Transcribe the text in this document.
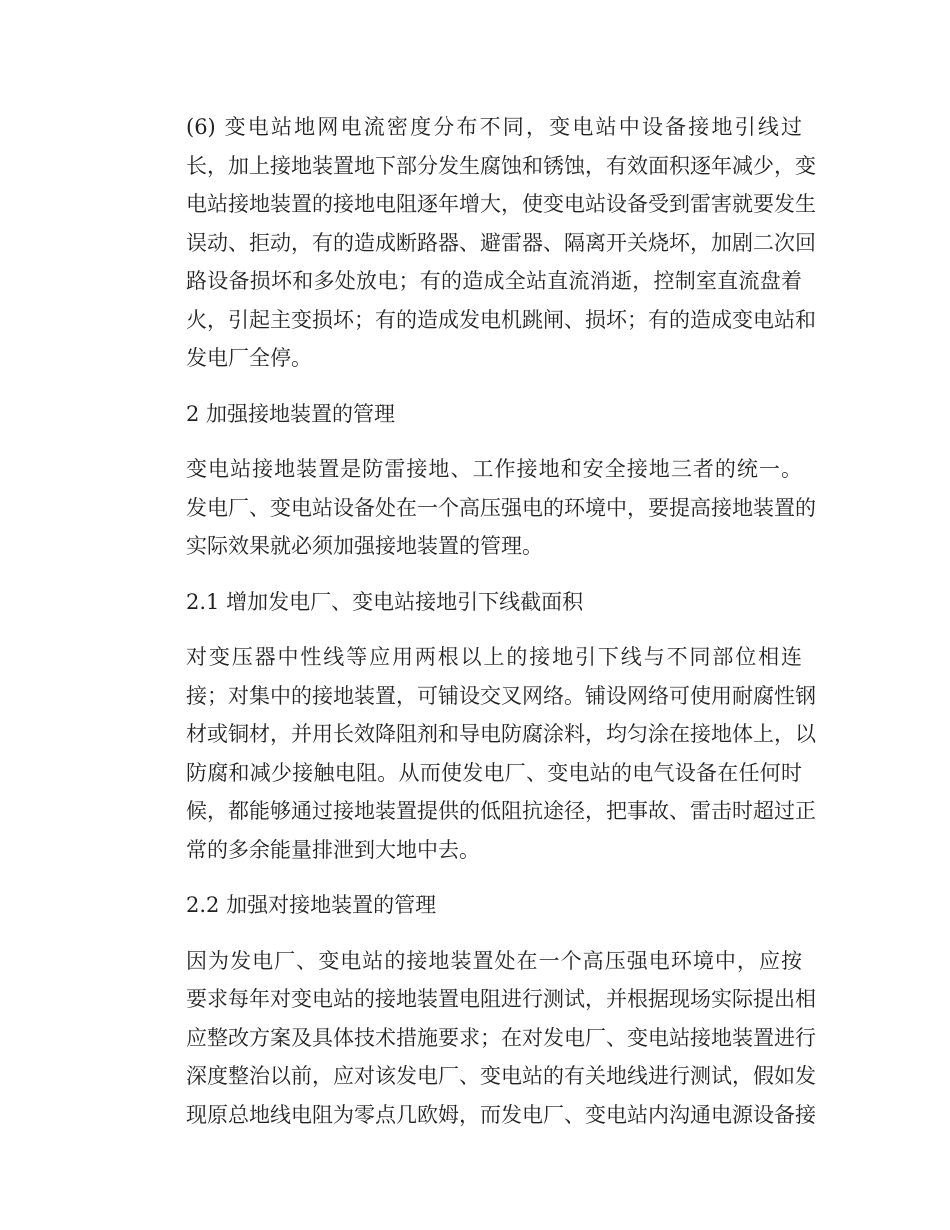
(6) 变电站地网电流密度分布不同，变电站中设备接地引线过
长，加上接地装置地下部分发生腐蚀和锈蚀，有效面积逐年减少，变
电站接地装置的接地电阻逐年增大，使变电站设备受到雷害就要发生
误动、拒动，有的造成断路器、避雷器、隔离开关烧坏，加剧二次回
路设备损坏和多处放电；有的造成全站直流消逝，控制室直流盘着
火，引起主变损坏；有的造成发电机跳闸、损坏；有的造成变电站和
发电厂全停。
2 加强接地装置的管理
变电站接地装置是防雷接地、工作接地和安全接地三者的统一。
发电厂、变电站设备处在一个高压强电的环境中，要提高接地装置的
实际效果就必须加强接地装置的管理。
2.1 增加发电厂、变电站接地引下线截面积
对变压器中性线等应用两根以上的接地引下线与不同部位相连
接；对集中的接地装置，可铺设交叉网络。铺设网络可使用耐腐性钢
材或铜材，并用长效降阻剂和导电防腐涂料，均匀涂在接地体上，以
防腐和减少接触电阻。从而使发电厂、变电站的电气设备在任何时
候，都能够通过接地装置提供的低阻抗途径，把事故、雷击时超过正
常的多余能量排泄到大地中去。
2.2 加强对接地装置的管理
因为发电厂、变电站的接地装置处在一个高压强电环境中，应按
要求每年对变电站的接地装置电阻进行测试，并根据现场实际提出相
应整改方案及具体技术措施要求；在对发电厂、变电站接地装置进行
深度整治以前，应对该发电厂、变电站的有关地线进行测试，假如发
现原总地线电阻为零点几欧姆，而发电厂、变电站内沟通电源设备接
